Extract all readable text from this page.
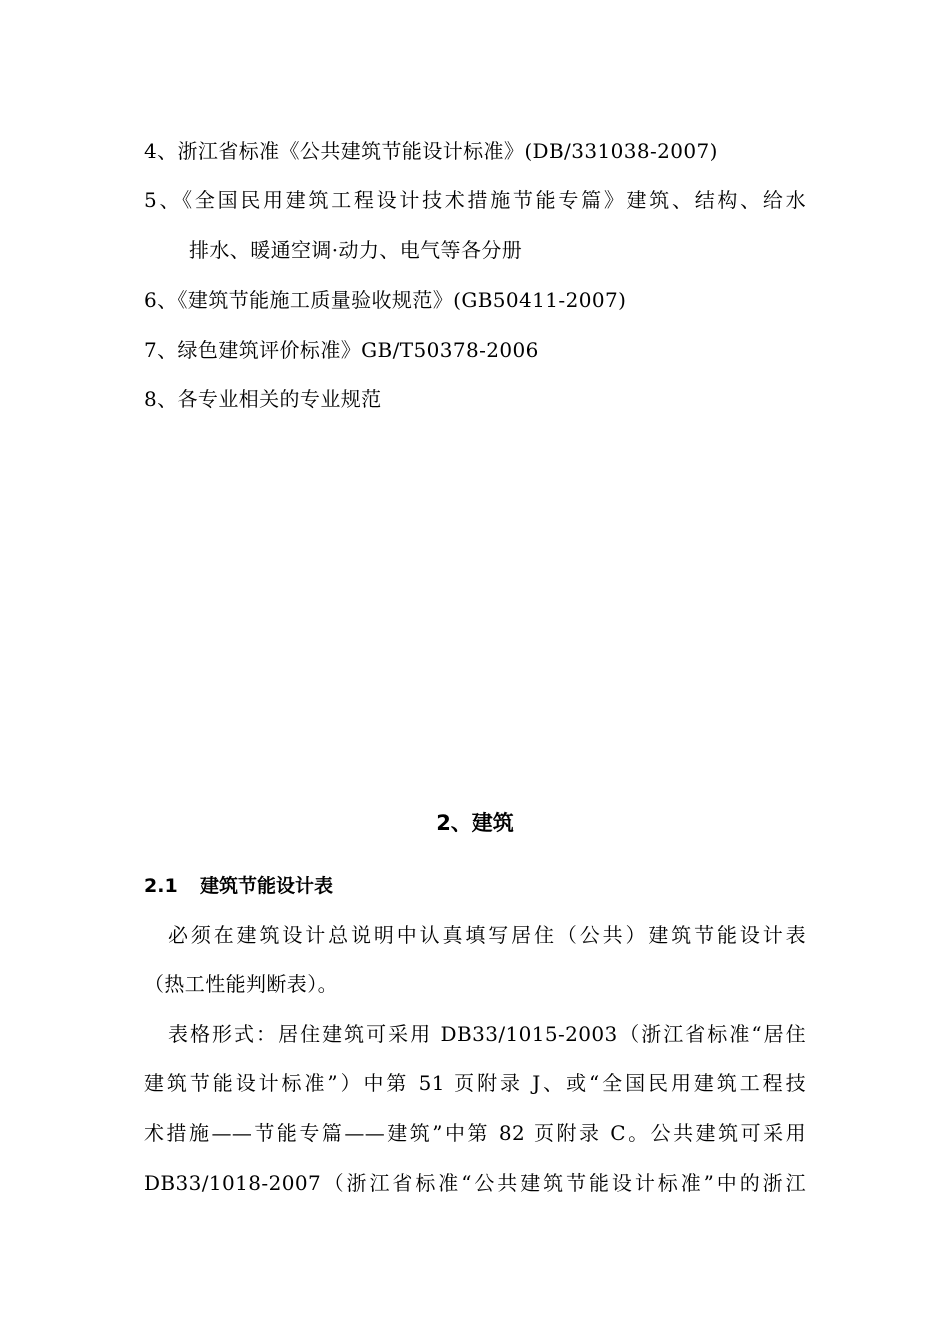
4、浙江省标准《公共建筑节能设计标准》(DB/331038-2007)
5、《全国民用建筑工程设计技术措施节能专篇》建筑、结构、给水
排水、暖通空调·动力、电气等各分册
6、《建筑节能施工质量验收规范》(GB50411-2007)
7、绿色建筑评价标准》GB/T50378-2006
8、各专业相关的专业规范
2、建筑
2.1 建筑节能设计表
必须在建筑设计总说明中认真填写居住（公共）建筑节能设计表
（热工性能判断表）。
表格形式：居住建筑可采用 DB33/1015-2003（浙江省标准“居住
建筑节能设计标准”）中第 51 页附录 J、或“全国民用建筑工程技
术措施——节能专篇——建筑”中第 82 页附录 C。公共建筑可采用
DB33/1018-2007（浙江省标准“公共建筑节能设计标准”中的浙江
